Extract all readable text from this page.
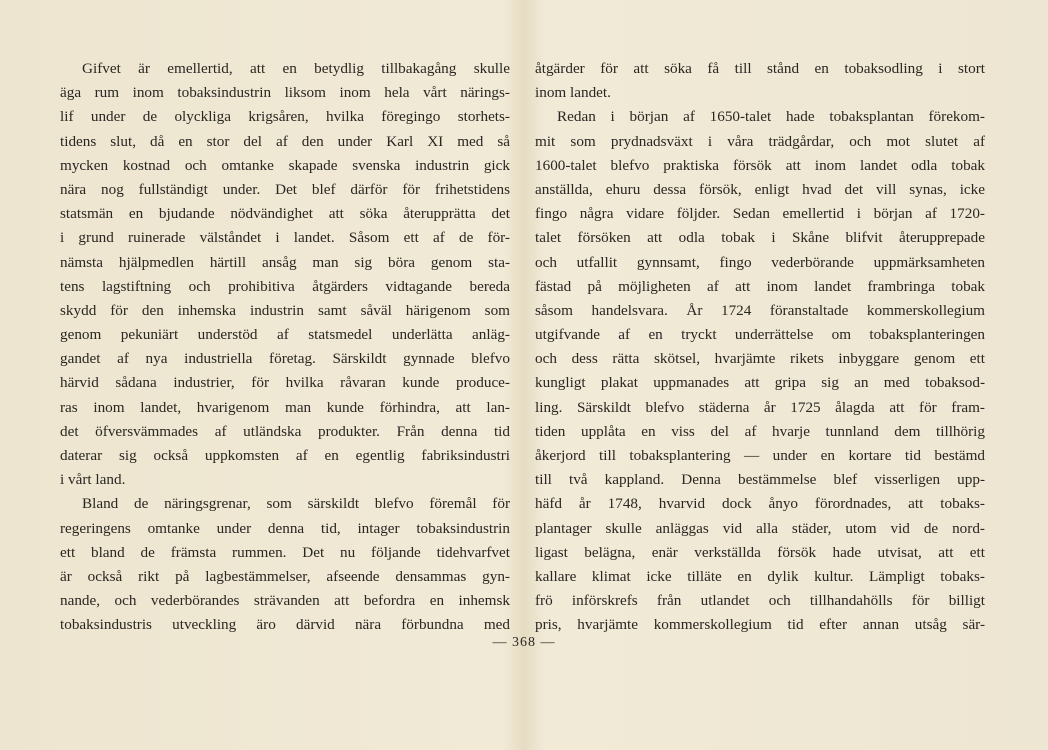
Gifvet är emellertid, att en betydlig tillbakagång skulle
äga rum inom tobaksindustrin liksom inom hela vårt närings-
lif under de olyckliga krigsåren, hvilka föregingo storhets-
tidens slut, då en stor del af den under Karl XI med så
mycken kostnad och omtanke skapade svenska industrin gick
nära nog fullständigt under. Det blef därför för frihetstidens
statsmän en bjudande nödvändighet att söka återupprätta det
i grund ruinerade välståndet i landet. Såsom ett af de för-
nämsta hjälpmedlen härtill ansåg man sig böra genom sta-
tens lagstiftning och prohibitiva åtgärders vidtagande bereda
skydd för den inhemska industrin samt såväl härigenom som
genom pekuniärt understöd af statsmedel underlätta anläg-
gandet af nya industriella företag. Särskildt gynnade blefvo
härvid sådana industrier, för hvilka råvaran kunde produce-
ras inom landet, hvarigenom man kunde förhindra, att lan-
det öfversvämmades af utländska produkter. Från denna tid
daterar sig också uppkomsten af en egentlig fabriksindustri
i vårt land.
Bland de näringsgrenar, som särskildt blefvo föremål för
regeringens omtanke under denna tid, intager tobaksindustrin
ett bland de främsta rummen. Det nu följande tidehvarfvet
är också rikt på lagbestämmelser, afseende densammas gyn-
nande, och vederbörandes strävanden att befordra en inhemsk
tobaksindustris utveckling äro därvid nära förbundna med
åtgärder för att söka få till stånd en tobaksodling i stort
inom landet.
Redan i början af 1650-talet hade tobaksplantan förekom-
mit som prydnadsväxt i våra trädgårdar, och mot slutet af
1600-talet blefvo praktiska försök att inom landet odla tobak
anställda, ehuru dessa försök, enligt hvad det vill synas, icke
fingo några vidare följder. Sedan emellertid i början af 1720-
talet försöken att odla tobak i Skåne blifvit återupprepade
och utfallit gynnsamt, fingo vederbörande uppmärksamheten
fästad på möjligheten af att inom landet frambringa tobak
såsom handelsvara. År 1724 föranstaltade kommerskollegium
utgifvande af en tryckt underrättelse om tobaksplanteringen
och dess rätta skötsel, hvarjämte rikets inbyggare genom ett
kungligt plakat uppmanades att gripa sig an med tobaksod-
ling. Särskildt blefvo städerna år 1725 ålagda att för fram-
tiden upplåta en viss del af hvarje tunnland dem tillhörig
åkerjord till tobaksplantering — under en kortare tid bestämd
till två kappland. Denna bestämmelse blef visserligen upp-
häfd år 1748, hvarvid dock ånyo förordnades, att tobaks-
plantager skulle anläggas vid alla städer, utom vid de nord-
ligast belägna, enär verkställda försök hade utvisat, att ett
kallare klimat icke tilläte en dylik kultur. Lämpligt tobaks-
frö införskrefs från utlandet och tillhandahölls för billigt
pris, hvarjämte kommerskollegium tid efter annan utsåg sär-
— 368 —
